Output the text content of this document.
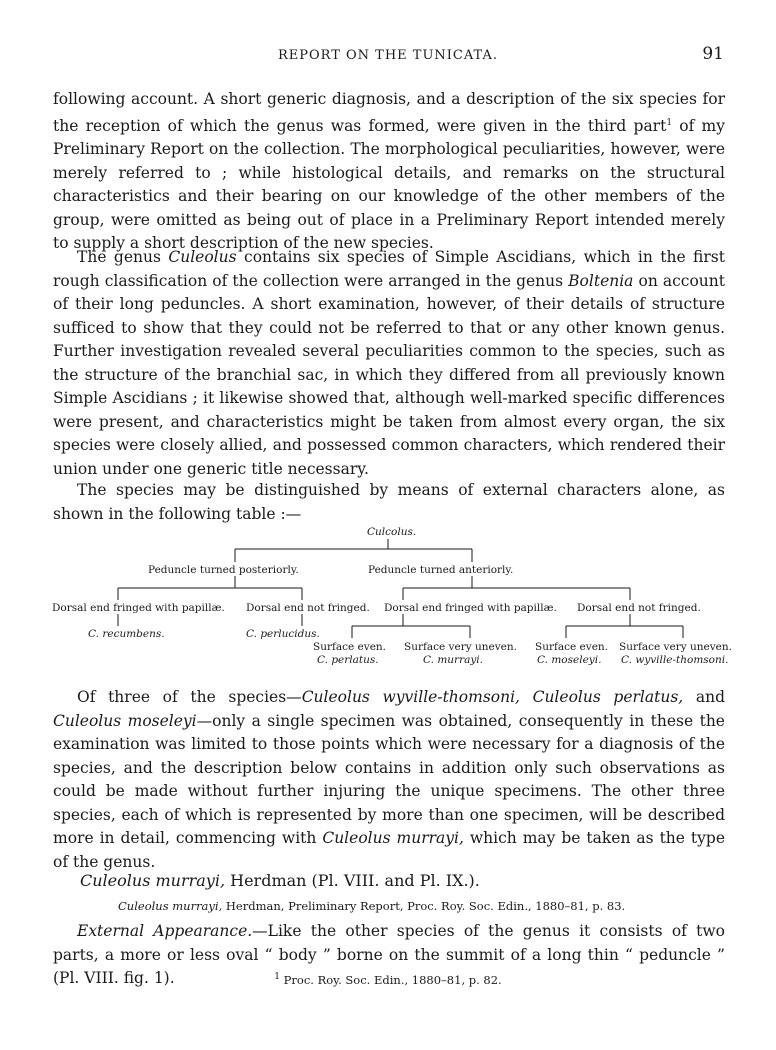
REPORT ON THE TUNICATA.	91

following account. A short generic diagnosis, and a description of the six species for the reception of which the genus was formed, were given in the third part$^1$ of my Preliminary Report on the collection. The morphological peculiarities, however, were merely referred to ; while histological details, and remarks on the structural characteristics and their bearing on our knowledge of the other members of the group, were omitted as being out of place in a Preliminary Report intended merely to supply a short description of the new species.

The genus Culeolus contains six species of Simple Ascidians, which in the first rough classification of the collection were arranged in the genus Boltenia on account of their long peduncles. A short examination, however, of their details of structure sufficed to show that they could not be referred to that or any other known genus. Further investigation revealed several peculiarities common to the species, such as the structure of the branchial sac, in which they differed from all previously known Simple Ascidians ; it likewise showed that, although well-marked specific differences were present, and characteristics might be taken from almost every organ, the six species were closely allied, and possessed common characters, which rendered their union under one generic title necessary.

The species may be distinguished by means of external characters alone, as shown in the following table :—

Culcolus.
Peduncle turned posteriorly.	Peduncle turned anteriorly.
Dorsal end fringed with papillæ. Dorsal end not fringed. Dorsal end fringed with papillæ. Dorsal end not fringed.
C. recumbens.	C. perlucidus.
Surface even. Surface very uneven. Surface even. Surface very uneven.
C. perlatus.	C. murrayi.	C. moseleyi. C. wyville-thomsoni.

Of three of the species—Culeolus wyville-thomsoni, Culeolus perlatus, and Culeolus moseleyi—only a single specimen was obtained, consequently in these the examination was limited to those points which were necessary for a diagnosis of the species, and the description below contains in addition only such observations as could be made without further injuring the unique specimens. The other three species, each of which is represented by more than one specimen, will be described more in detail, commencing with Culeolus murrayi, which may be taken as the type of the genus.

Culeolus murrayi, Herdman (Pl. VIII. and Pl. IX.).
Culeolus murrayi, Herdman, Preliminary Report, Proc. Roy. Soc. Edin., 1880–81, p. 83.

External Appearance.—Like the other species of the genus it consists of two parts, a more or less oval “ body ” borne on the summit of a long thin “ peduncle ” (Pl. VIII. fig. 1).	$^1$ Proc. Roy. Soc. Edin., 1880–81, p. 82.
